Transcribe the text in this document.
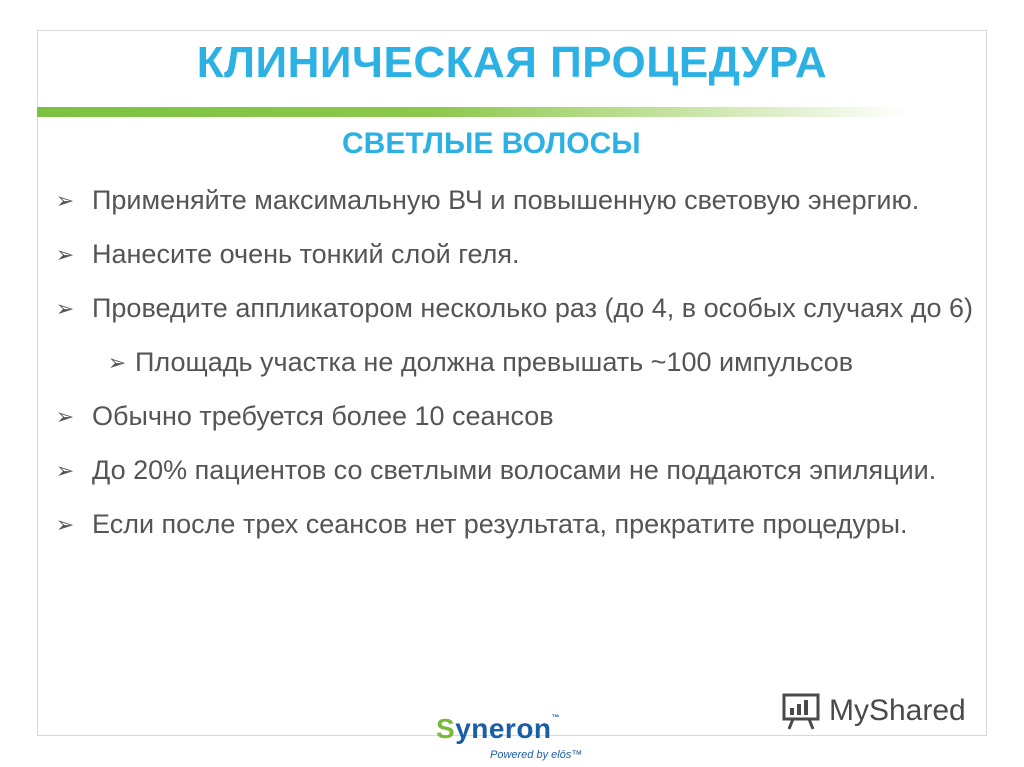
КЛИНИЧЕСКАЯ ПРОЦЕДУРА
СВЕТЛЫЕ ВОЛОСЫ
➢ Применяйте максимальную ВЧ и повышенную световую энергию.
➢ Нанесите очень тонкий слой геля.
➢ Проведите аппликатором несколько раз (до 4, в особых случаях до 6)
➢ Площадь участка не должна превышать ~100 импульсов
➢ Обычно требуется более 10 сеансов
➢ До 20% пациентов со светлыми волосами не поддаются эпиляции.
➢ Если после трех сеансов нет результата, прекратите процедуры.
Syneron™
Powered by elōs™
MyShared
